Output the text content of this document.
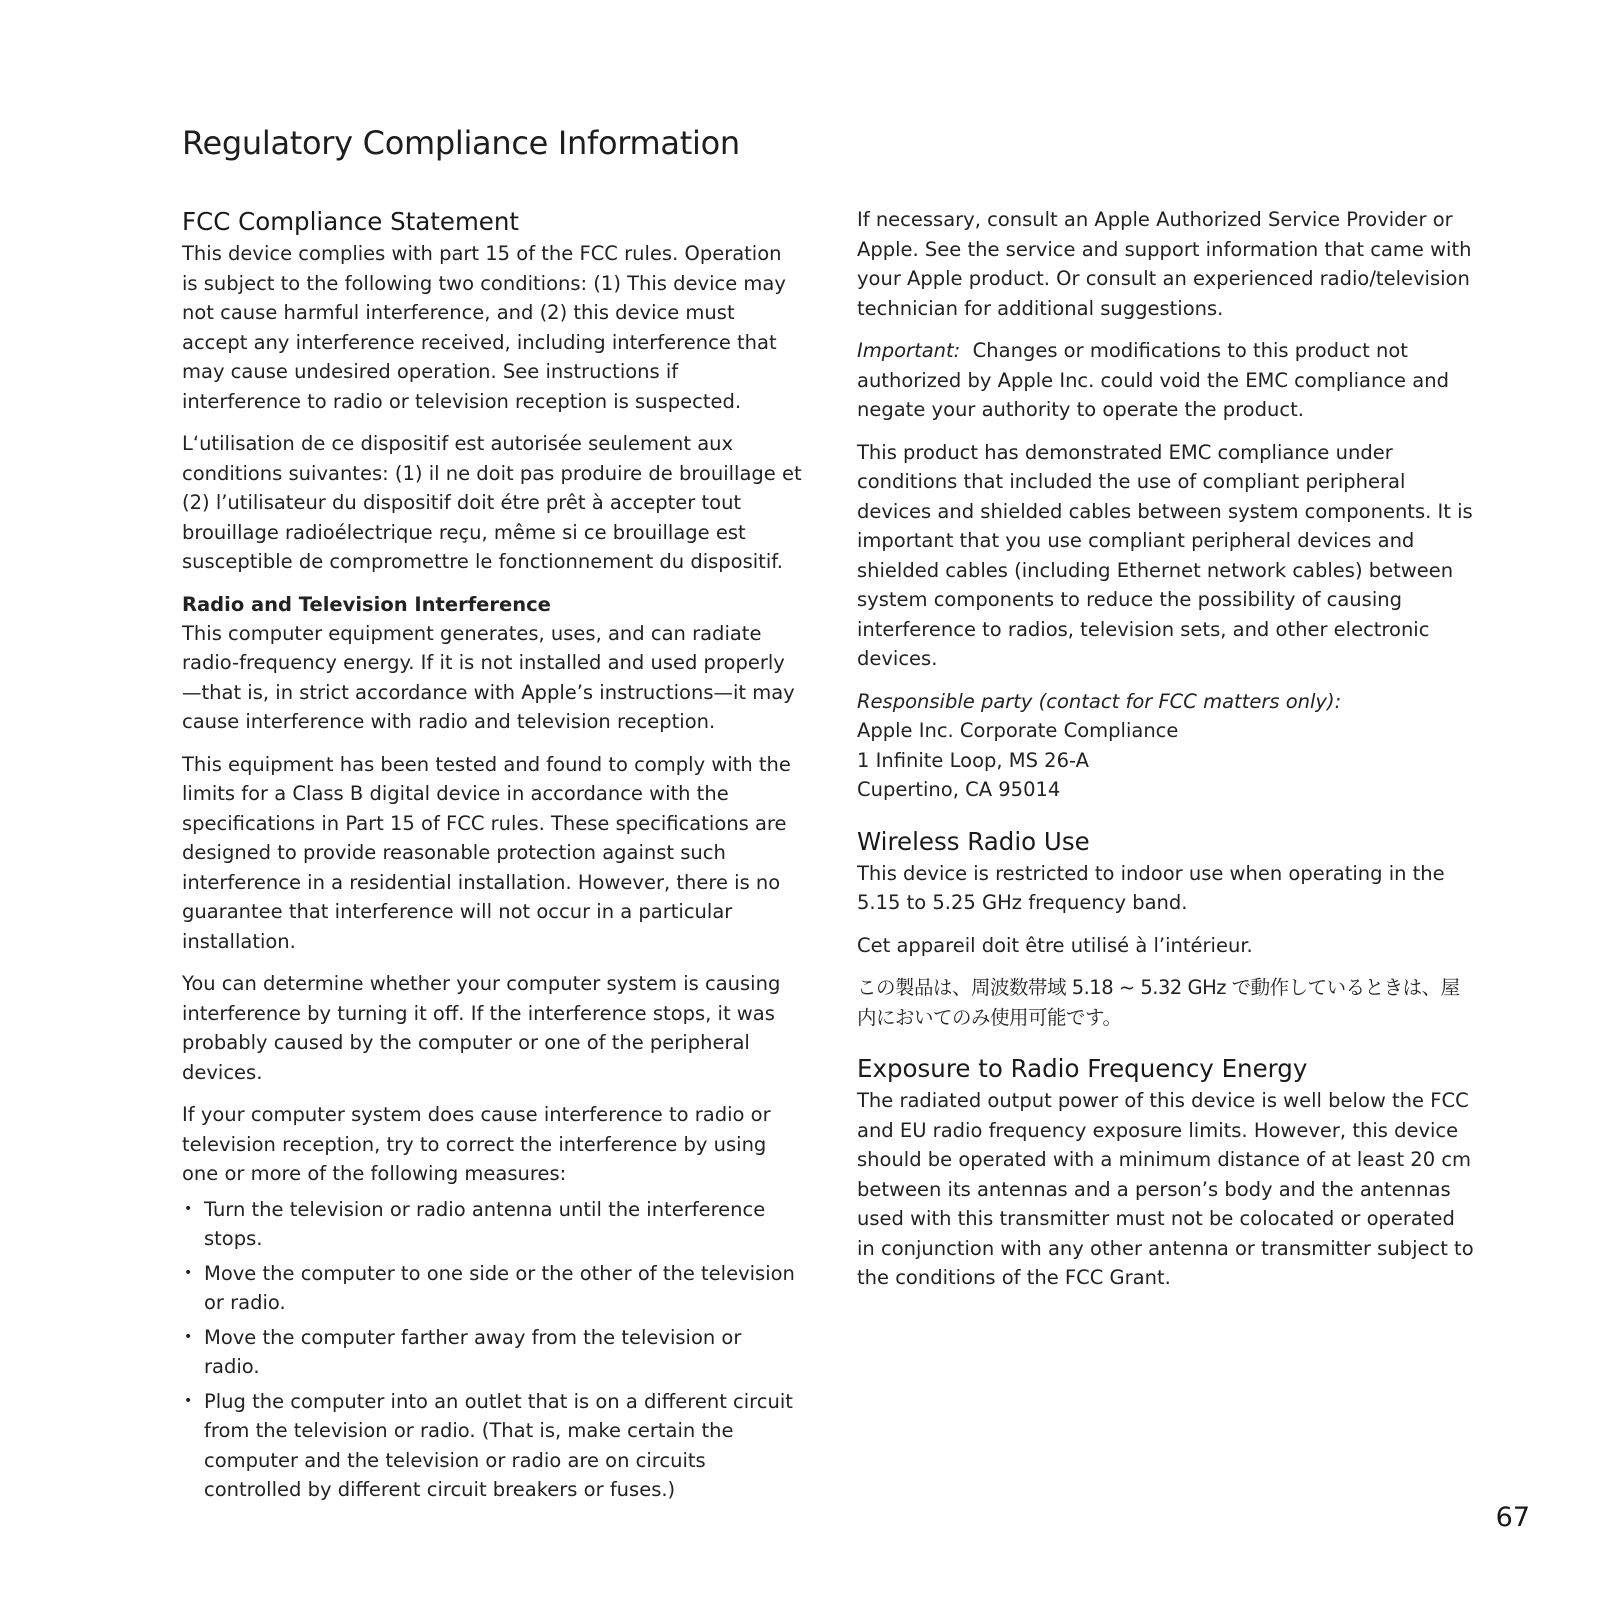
Regulatory Compliance Information
FCC Compliance Statement

This device complies with part 15 of the FCC rules. Operation is subject to the following two conditions: (1) This device may not cause harmful interference, and (2) this device must accept any interference received, including interference that may cause undesired operation. See instructions if interference to radio or television reception is suspected.

L‘utilisation de ce dispositif est autorisée seulement aux conditions suivantes: (1) il ne doit pas produire de brouillage et (2) l’utilisateur du dispositif doit étre prêt à accepter tout brouillage radioélectrique reçu, même si ce brouillage est susceptible de compromettre le fonctionnement du dispositif.

Radio and Television Interference

This computer equipment generates, uses, and can radiate radio-frequency energy. If it is not installed and used properly—that is, in strict accordance with Apple’s instructions—it may cause interference with radio and television reception.

This equipment has been tested and found to comply with the limits for a Class B digital device in accordance with the specifications in Part 15 of FCC rules. These specifications are designed to provide reasonable protection against such interference in a residential installation. However, there is no guarantee that interference will not occur in a particular installation.

You can determine whether your computer system is causing interference by turning it off. If the interference stops, it was probably caused by the computer or one of the peripheral devices.

If your computer system does cause interference to radio or television reception, try to correct the interference by using one or more of the following measures:

• Turn the television or radio antenna until the interference stops.
• Move the computer to one side or the other of the television or radio.
• Move the computer farther away from the television or radio.
• Plug the computer into an outlet that is on a different circuit from the television or radio. (That is, make certain the computer and the television or radio are on circuits controlled by different circuit breakers or fuses.)

If necessary, consult an Apple Authorized Service Provider or Apple. See the service and support information that came with your Apple product. Or consult an experienced radio/television technician for additional suggestions.

Important: Changes or modifications to this product not authorized by Apple Inc. could void the EMC compliance and negate your authority to operate the product.

This product has demonstrated EMC compliance under conditions that included the use of compliant peripheral devices and shielded cables between system components. It is important that you use compliant peripheral devices and shielded cables (including Ethernet network cables) between system components to reduce the possibility of causing interference to radios, television sets, and other electronic devices.

Responsible party (contact for FCC matters only):

Apple Inc. Corporate Compliance

1 Infinite Loop, MS 26-A

Cupertino, CA 95014

Wireless Radio Use

This device is restricted to indoor use when operating in the 5.15 to 5.25 GHz frequency band.

Cet appareil doit être utilisé à l’intérieur.

この製品は、周波数帯域 5.18 ~ 5.32 GHz で動作しているときは、屋内においてのみ使用可能です。

Exposure to Radio Frequency Energy

The radiated output power of this device is well below the FCC and EU radio frequency exposure limits. However, this device should be operated with a minimum distance of at least 20 cm between its antennas and a person’s body and the antennas used with this transmitter must not be colocated or operated in conjunction with any other antenna or transmitter subject to the conditions of the FCC Grant.

67
